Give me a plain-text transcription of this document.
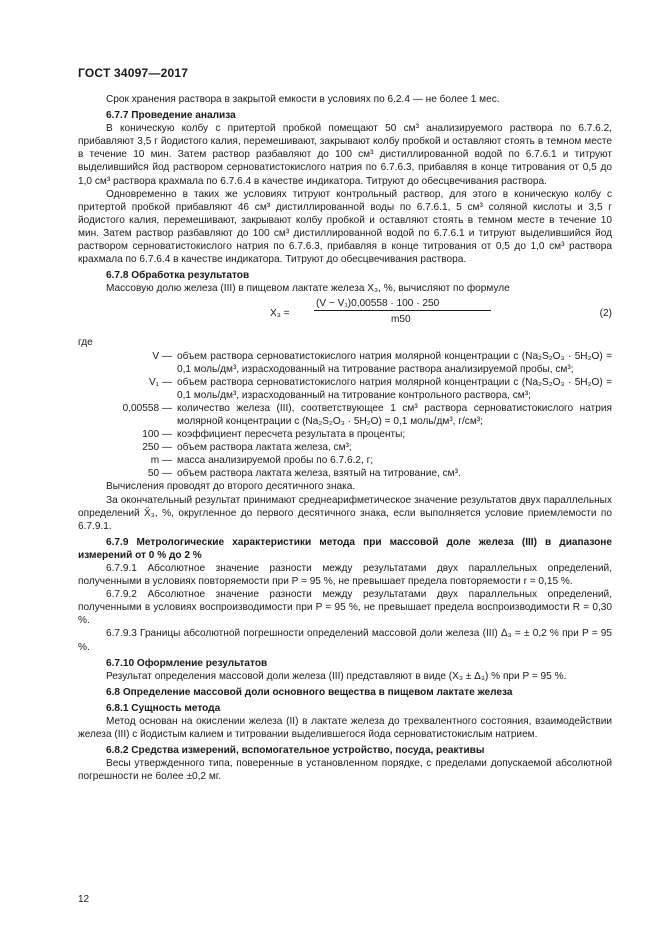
ГОСТ 34097—2017

Срок хранения раствора в закрытой емкости в условиях по 6.2.4 — не более 1 мес.

6.7.7 Проведение анализа

В коническую колбу с притертой пробкой помещают 50 см³ анализируемого раствора по 6.7.6.2, прибавляют 3,5 г йодистого калия, перемешивают, закрывают колбу пробкой и оставляют стоять в темном месте в течение 10 мин. Затем раствор разбавляют до 100 см³ дистиллированной водой по 6.7.6.1 и титруют выделившийся йод раствором серноватистокислого натрия по 6.7.6.3, прибавляя в конце титрования от 0,5 до 1,0 см³ раствора крахмала по 6.7.6.4 в качестве индикатора. Титруют до обесцвечивания раствора.

Одновременно в таких же условиях титруют контрольный раствор, для этого в коническую колбу с притертой пробкой прибавляют 46 см³ дистиллированной воды по 6.7.6.1, 5 см³ соляной кислоты и 3,5 г йодистого калия, перемешивают, закрывают колбу пробкой и оставляют стоять в темном месте в течение 10 мин. Затем раствор разбавляют до 100 см³ дистиллированной водой по 6.7.6.1 и титруют выделившийся йод раствором серноватистокислого натрия по 6.7.6.3, прибавляя в конце титрования от 0,5 до 1,0 см³ раствора крахмала по 6.7.6.4 в качестве индикатора. Титруют до обесцвечивания раствора.

6.7.8 Обработка результатов

Массовую долю железа (III) в пищевом лактате железа X₃, %, вычисляют по формуле

X₃ =
(V − V₁)0,00558 · 100 · 250
m50
(2)
где
V — объем раствора серноватистокислого натрия молярной концентрации c (Na₂S₂O₃ · 5H₂O) = 0,1 моль/дм³, израсходованный на титрование раствора анализируемой пробы, см³;
V₁ — объем раствора серноватистокислого натрия молярной концентрации c (Na₂S₂O₃ · 5H₂O) = 0,1 моль/дм³, израсходованный на титрование контрольного раствора, см³;
0,00558 — количество железа (III), соответствующее 1 см³ раствора серноватистокислого натрия молярной концентрации c (Na₂S₂O₃ · 5H₂O) = 0,1 моль/дм³, г/см³;
100 — коэффициент пересчета результата в проценты;
250 — объем раствора лактата железа, см³;
m — масса анализируемой пробы по 6.7.6.2, г;
50 — объем раствора лактата железа, взятый на титрование, см³.

Вычисления проводят до второго десятичного знака.

За окончательный результат принимают среднеарифметическое значение результатов двух параллельных определений X̄₃, %, округленное до первого десятичного знака, если выполняется условие приемлемости по 6.7.9.1.

6.7.9 Метрологические характеристики метода при массовой доле железа (III) в диапазоне измерений от 0 % до 2 %

6.7.9.1 Абсолютное значение разности между результатами двух параллельных определений, полученными в условиях повторяемости при P = 95 %, не превышает предела повторяемости r = 0,15 %.

6.7.9.2 Абсолютное значение разности между результатами двух параллельных определений, полученными в условиях воспроизводимости при P = 95 %, не превышает предела воспроизводимости R = 0,30 %.

6.7.9.3 Границы абсолютной погрешности определений массовой доли железа (III) Δ₃ = ± 0,2 % при P = 95 %.

6.7.10 Оформление результатов

Результат определения массовой доли железа (III) представляют в виде (X₃ ± Δ₃) % при P = 95 %.

6.8 Определение массовой доли основного вещества в пищевом лактате железа

6.8.1 Сущность метода

Метод основан на окислении железа (II) в лактате железа до трехвалентного состояния, взаимодействии железа (III) с йодистым калием и титровании выделившегося йода серноватистокислым натрием.

6.8.2 Средства измерений, вспомогательное устройство, посуда, реактивы

Весы утвержденного типа, поверенные в установленном порядке, с пределами допускаемой абсолютной погрешности не более ±0,2 мг.

12
